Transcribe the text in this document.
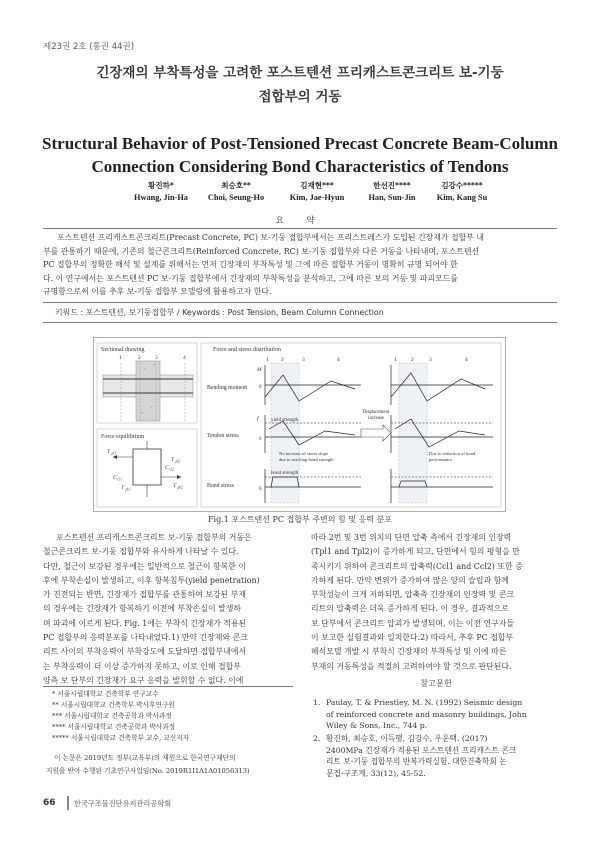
제23권 2호 (통권 44권)
긴장재의 부착특성을 고려한 포스트텐션 프리캐스트콘크리트 보-기둥
접합부의 거동
Structural Behavior of Post-Tensioned Precast Concrete Beam-Column
Connection Considering Bond Characteristics of Tendons
황진하*
Hwang, Jin-Ha
최승호**
Choi, Seung-Ho
김재현***
Kim, Jae-Hyun
한선진****
Han, Sun-Jin
김강수*****
Kim, Kang Su
요 약
포스트텐션 프리캐스트콘크리트(Precast Concrete, PC) 보-기둥 접합부에서는 프리스트레스가 도입된 긴장재가 접합부 내
부를 관통하기 때문에, 기존의 철근콘크리트(Reinforced Concrete, RC) 보-기둥 접합부와 다른 거동을 나타내며, 포스트텐션
PC 접합부의 정확한 해석 및 설계를 위해서는 먼저 긴장재의 부착특성 및 그에 따른 접합부 거동이 명확히 규명 되어야 한
다. 이 연구에서는 포스트텐션 PC 보-기둥 접합부에서 긴장재의 부착특성을 분석하고, 그에 따른 보의 거동 및 파괴모드를
규명함으로써 이를 추후 보-기둥 접합부 모델링에 활용하고자 한다.
키워드 : 포스트텐션, 보기둥접합부 / Keywords : Post Tension, Beam Column Connection
Sectional drawing
1	2	3	4
Force equilibrium
T pl1
T pl2
C cl1
C cl2
T pb1
T pb2
Force and stress distribution
1 2	3	4	1	2	3	4
Bending moment
Tendon stress
Bond stress
M
0
f yield strength
0
Displacement
increase
No increase of stress slope
due to reaching bond strength
Due to reduction of bond
performance
bond strength
0
Fig.1 포스트텐션 PC 접합부 주변의 힘 및 응력 분포
포스트텐션 프리캐스트콘크리트 보-기둥 접합부의 거동은
철근콘크리트 보-기둥 접합부와 유사하게 나타날 수 있다.
다만, 철근이 보강된 경우에는 일반적으로 철근이 항복한 이
후에 부착손실이 발생하고, 이후 항복침투(yield penetration)
가 진전되는 반면, 긴장재가 접합부를 관통하여 보강된 부재
의 경우에는 긴장재가 항복하기 이전에 부착손실이 발생하
며 파괴에 이르게 된다. Fig. 1에는 부착식 긴장재가 적용된
PC 접합부의 응력분포를 나타내었다.1) 만약 긴장재와 콘크
리트 사이의 부착응력이 부착강도에 도달하면 접합부내에서
는 부착응력이 더 이상 증가하지 못하고, 이로 인해 접합부
양측 보 단부의 긴장재가 요구 응력을 발휘할 수 없다. 이에
* 서울시립대학교 건축학부 연구교수
** 서울시립대학교 건축학부 박사후연구원
*** 서울시립대학교 건축공학과 박사과정
**** 서울시립대학교 건축공학과 박사과정
***** 서울시립대학교 건축학부 교수, 교신저자
이 논문은 2019년도 정부(교육부)의 재원으로 한국연구재단의
지원을 받아 수행된 기초연구사업임(No. 2019R1I1A1A01056313)
따라 2번 및 3번 위치의 단면 압축 측에서 긴장재의 인장력
(Tpl1 and Tpl2)이 증가하게 되고, 단면에서 힘의 평형을 만
족시키기 위하여 콘크리트의 압축력(Ccl1 and Ccl2) 또한 증
가하게 된다. 만약 변위가 증가하여 많은 양의 슬립과 함께
부착성능이 크게 저하되면, 압축측 긴장재의 인장력 및 콘크
리트의 압축력은 더욱 증가하게 된다. 이 경우, 결과적으로
보 단부에서 콘크리트 압괴가 발생되며, 이는 이전 연구자들
이 보고한 실험결과와 일치한다.2) 따라서, 추후 PC 접합부
해석모델 개발 시 부착식 긴장재의 부착특성 및 이에 따른
부재의 거동특성을 적절히 고려하여야 할 것으로 판단된다.
참고문헌
1. Paulay, T. & Priestley, M. N. (1992) Seismic design
of reinforced concrete and masonry buildings, John
Wiley & Sons, Inc., 744 p.
2. 황진하, 최승호, 이득행, 김강수, 우운택. (2017)
2400MPa 긴장재가 적용된 포스트텐션 프리캐스트 콘크
리트 보-기둥 접합부의 반복가력실험. 대한건축학회 논
문집-구조계, 33(12), 45-52.
66	한국구조물진단유지관리공학회
